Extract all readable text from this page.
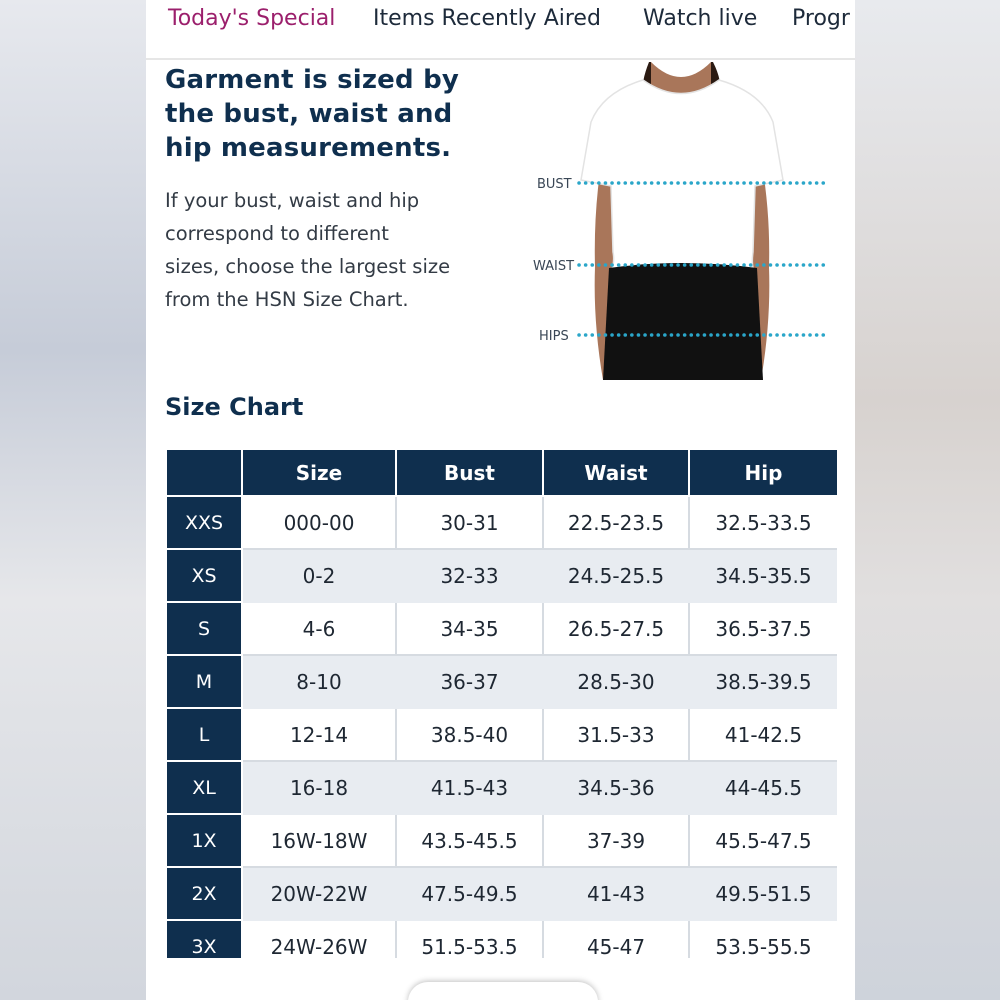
Today's Special Items Recently Aired Watch live Progr
Garment is sized by
the bust, waist and
hip measurements.
If your bust, waist and hip
correspond to different
sizes, choose the largest size
from the HSN Size Chart.
BUST
WAIST
HIPS
Size Chart
	Size	Bust	Waist	Hip
XXS	000-00	30-31	22.5-23.5	32.5-33.5
XS	0-2	32-33	24.5-25.5	34.5-35.5
S	4-6	34-35	26.5-27.5	36.5-37.5
M	8-10	36-37	28.5-30	38.5-39.5
L	12-14	38.5-40	31.5-33	41-42.5
XL	16-18	41.5-43	34.5-36	44-45.5
1X	16W-18W	43.5-45.5	37-39	45.5-47.5
2X	20W-22W	47.5-49.5	41-43	49.5-51.5
3X	24W-26W	51.5-53.5	45-47	53.5-55.5
